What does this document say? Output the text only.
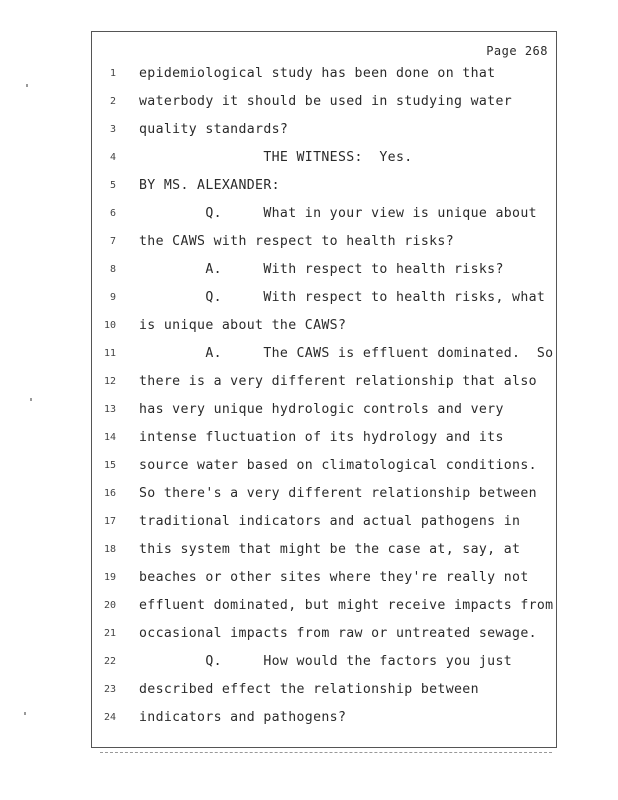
Page 268
1 epidemiological study has been done on that
2 waterbody it should be used in studying water
3 quality standards?
4 THE WITNESS:  Yes.
5 BY MS. ALEXANDER:
6 Q.     What in your view is unique about
7 the CAWS with respect to health risks?
8 A.     With respect to health risks?
9 Q.     With respect to health risks, what
10 is unique about the CAWS?
11 A.     The CAWS is effluent dominated.  So
12 there is a very different relationship that also
13 has very unique hydrologic controls and very
14 intense fluctuation of its hydrology and its
15 source water based on climatological conditions.
16 So there's a very different relationship between
17 traditional indicators and actual pathogens in
18 this system that might be the case at, say, at
19 beaches or other sites where they're really not
20 effluent dominated, but might receive impacts from
21 occasional impacts from raw or untreated sewage.
22 Q.     How would the factors you just
23 described effect the relationship between
24 indicators and pathogens?
